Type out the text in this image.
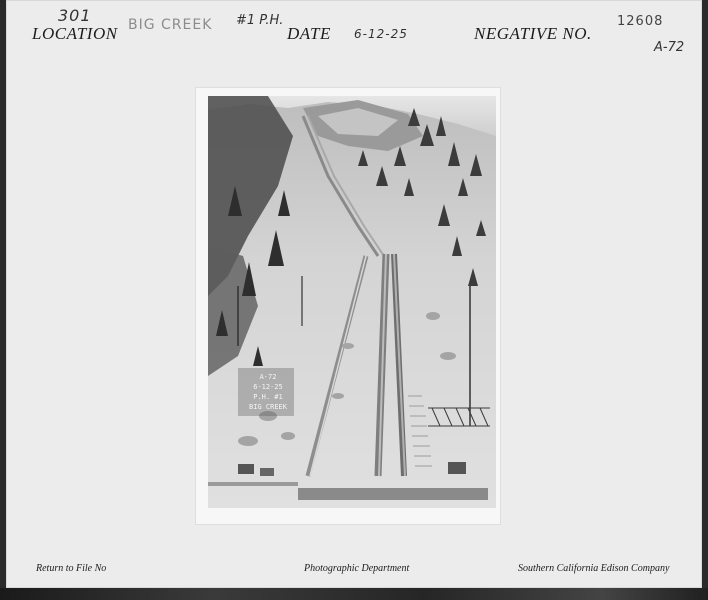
301
LOCATION BIG CREEK #1 P.H.
DATE 6-12-25	NEGATIVE NO.
12608
A-72
A-72
6-12-25
P.H. #1
BIG CREEK
Return to File No	Photographic Department	Southern California Edison Company
